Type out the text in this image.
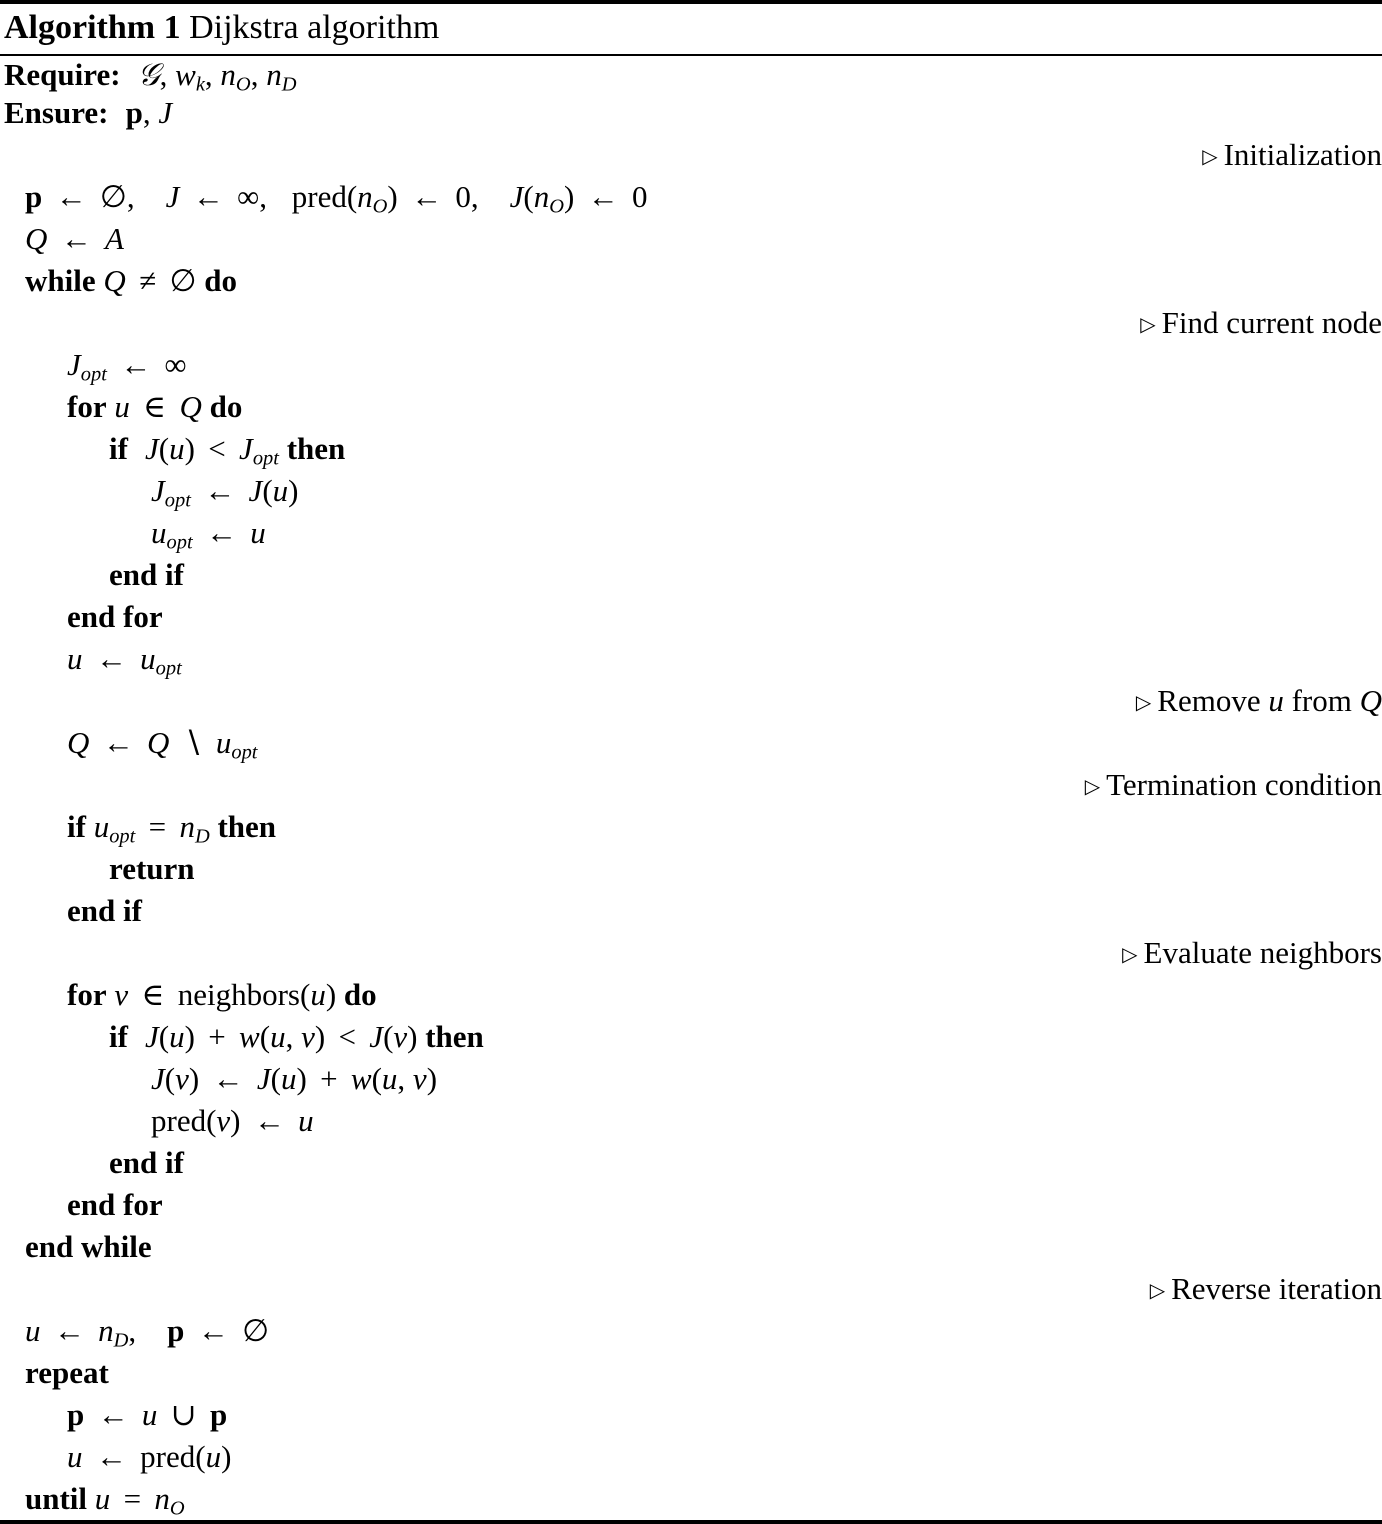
Algorithm 1 Dijkstra algorithm
Require: 𝒢, $w_k$, $n_O$, $n_D$
Ensure: p, J
▷ Initialization
p ← ∅, J ← ∞, $pred(n_O)$ ← 0, $J(n_O)$ ← 0
Q ← A
while Q ≠ ∅ do
▷ Find current node
$J_{opt}$ ← ∞
for u ∈ Q do
if $J(u) < J_{opt}$ then
$J_{opt}$ ← J(u)
$u_{opt}$ ← u
end if
end for
u ← $u_{opt}$
▷ Remove u from Q
Q ← Q ∖ $u_{opt}$
▷ Termination condition
if $u_{opt} = n_D$ then
return
end if
▷ Evaluate neighbors
for v ∈ neighbors(u) do
if J(u) + w(u, v) < J(v) then
J(v) ← J(u) + w(u, v)
pred(v) ← u
end if
end for
end while
▷ Reverse iteration
u ← $n_D$, p ← ∅
repeat
p ← u ∪ p
u ← pred(u)
until $u = n_O$
